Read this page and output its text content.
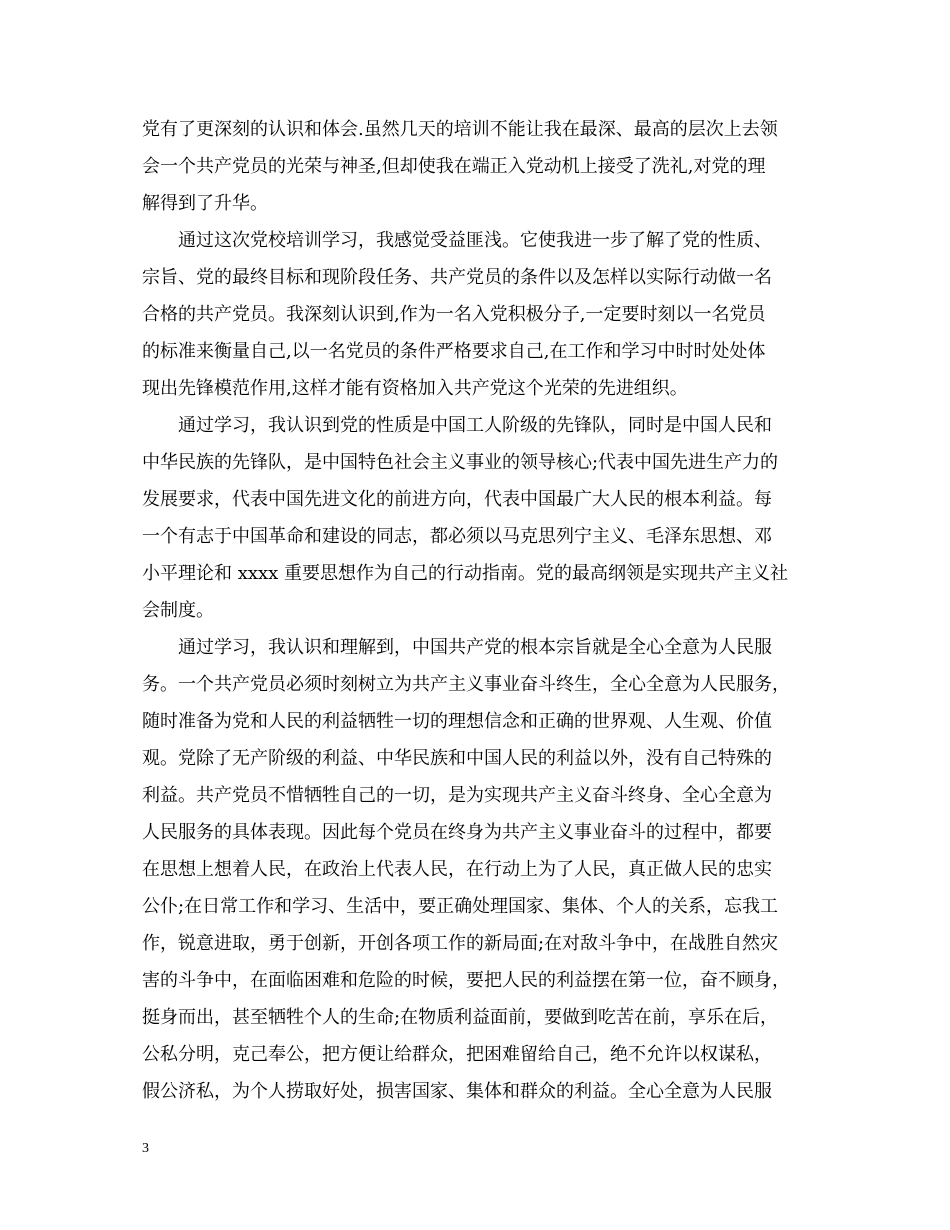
党有了更深刻的认识和体会.虽然几天的培训不能让我在最深、最高的层次上去领
会一个共产党员的光荣与神圣,但却使我在端正入党动机上接受了洗礼,对党的理
解得到了升华。
通过这次党校培训学习，我感觉受益匪浅。它使我进一步了解了党的性质、
宗旨、党的最终目标和现阶段任务、共产党员的条件以及怎样以实际行动做一名
合格的共产党员。我深刻认识到,作为一名入党积极分子,一定要时刻以一名党员
的标准来衡量自己,以一名党员的条件严格要求自己,在工作和学习中时时处处体
现出先锋模范作用,这样才能有资格加入共产党这个光荣的先进组织。
通过学习，我认识到党的性质是中国工人阶级的先锋队，同时是中国人民和
中华民族的先锋队，是中国特色社会主义事业的领导核心;代表中国先进生产力的
发展要求，代表中国先进文化的前进方向，代表中国最广大人民的根本利益。每
一个有志于中国革命和建设的同志，都必须以马克思列宁主义、毛泽东思想、邓
小平理论和 xxxx 重要思想作为自己的行动指南。党的最高纲领是实现共产主义社
会制度。
通过学习，我认识和理解到，中国共产党的根本宗旨就是全心全意为人民服
务。一个共产党员必须时刻树立为共产主义事业奋斗终生，全心全意为人民服务，
随时准备为党和人民的利益牺牲一切的理想信念和正确的世界观、人生观、价值
观。党除了无产阶级的利益、中华民族和中国人民的利益以外，没有自己特殊的
利益。共产党员不惜牺牲自己的一切，是为实现共产主义奋斗终身、全心全意为
人民服务的具体表现。因此每个党员在终身为共产主义事业奋斗的过程中，都要
在思想上想着人民，在政治上代表人民，在行动上为了人民，真正做人民的忠实
公仆;在日常工作和学习、生活中，要正确处理国家、集体、个人的关系，忘我工
作，锐意进取，勇于创新，开创各项工作的新局面;在对敌斗争中，在战胜自然灾
害的斗争中，在面临困难和危险的时候，要把人民的利益摆在第一位，奋不顾身，
挺身而出，甚至牺牲个人的生命;在物质利益面前，要做到吃苦在前，享乐在后，
公私分明，克己奉公，把方便让给群众，把困难留给自己，绝不允许以权谋私，
假公济私，为个人捞取好处，损害国家、集体和群众的利益。全心全意为人民服
3
